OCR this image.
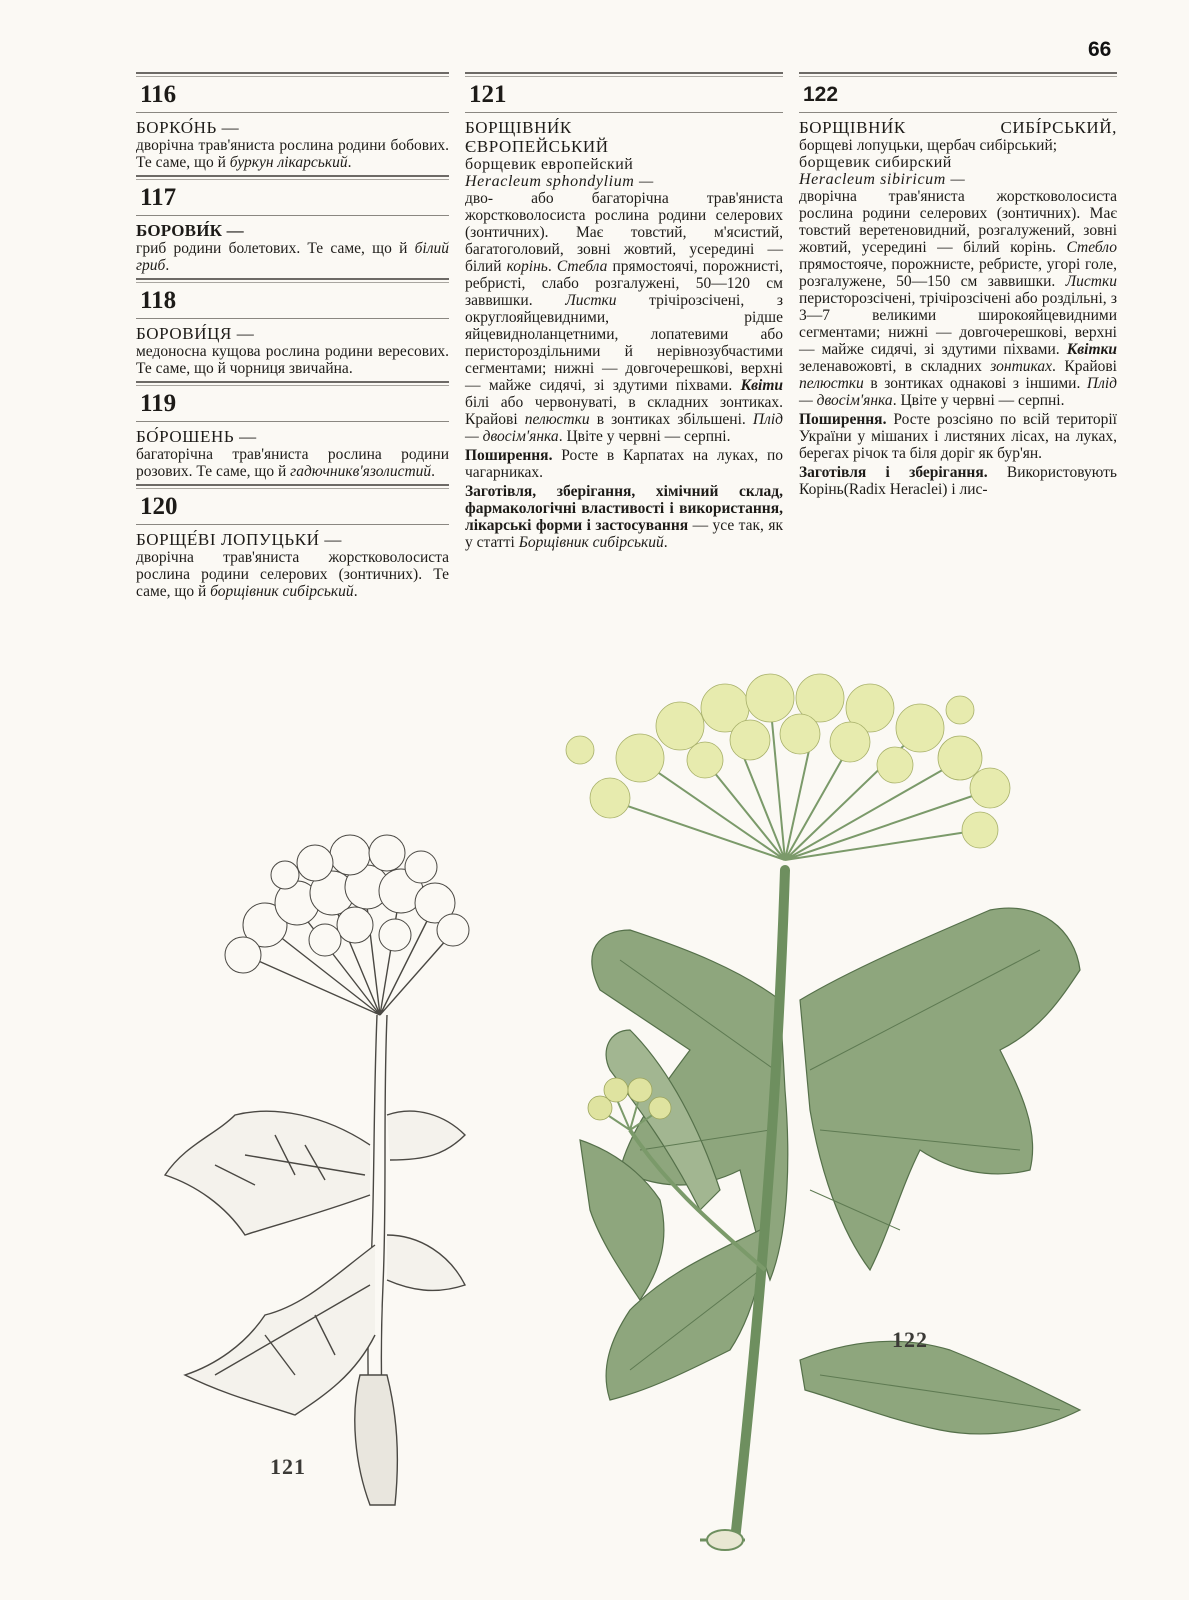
66
116
БОРКО́НЬ —

дворічна трав'яниста рослина родини бобових. Те саме, що й буркун лікарський.

117
БОРОВИ́К —

гриб родини болетових. Те саме, що й білий гриб.

118
БОРОВИ́ЦЯ —

медоносна кущова рослина родини вересових. Те саме, що й чорниця звичайна.

119
БО́РОШЕНЬ —

багаторічна трав'яниста рослина родини розових. Те саме, що й гадючникв'язолистий.

120
БОРЩЕ́ВІ ЛОПУЦЬКИ́ —

дворічна трав'яниста жорстковолосиста рослина родини селерових (зонтичних). Те саме, що й борщівник сибірський.

121
БОРЩІВНИ́К
ЄВРОПЕЙСЬКИЙ
борщевик европейский
Heracleum sphondylium —

дво- або багаторічна трав'яниста жорстковолосиста рослина родини селерових (зонтичних). Має товстий, м'ясистий, багатоголовий, зовні жовтий, усередині — білий корінь. Стебла прямостоячі, порожнисті, ребристі, слабо розгалужені, 50—120 см заввишки. Листки трічірозсічені, з округлояйцевидними, рідше яйцевидноланцетними, лопатевими або перистороздільними й нерівнозубчастими сегментами; нижні — довгочерешкові, верхні — майже сидячі, зі здутими піхвами. Квіти білі або червонуваті, в складних зонтиках. Крайові пелюстки в зонтиках збільшені. Плід — двосім'янка. Цвіте у червні — серпні.

Поширення. Росте в Карпатах на луках, по чагарниках.

Заготівля, зберігання, хімічний склад, фармакологічні властивості і використання, лікарські форми і застосування — усе так, як у статті Борщівник сибірський.

122
БОРЩІВНИ́К СИБІ́РСЬКИЙ,

борщеві лопуцьки, щербач сибірський;

борщевик сибирский
Heracleum sibiricum —

дворічна трав'яниста жорстковолосиста рослина родини селерових (зонтичних). Має товстий веретеновидний, розгалужений, зовні жовтий, усередині — білий корінь. Стебло прямостояче, порожнисте, ребристе, угорі голе, розгалужене, 50—150 см заввишки. Листки перисторозсічені, трічірозсічені або роздільні, з 3—7 великими широкояйцевидними сегментами; нижні — довгочерешкові, верхні — майже сидячі, зі здутими піхвами. Квітки зеленавожовті, в складних зонтиках. Крайові пелюстки в зонтиках однакові з іншими. Плід — двосім'янка. Цвіте у червні — серпні.

Поширення. Росте розсіяно по всій території України у мішаних і листяних лісах, на луках, берегах річок та біля доріг як бур'ян.

Заготівля і зберігання. Використовують Корінь(Radix Heraclei) і лис-

121
122
